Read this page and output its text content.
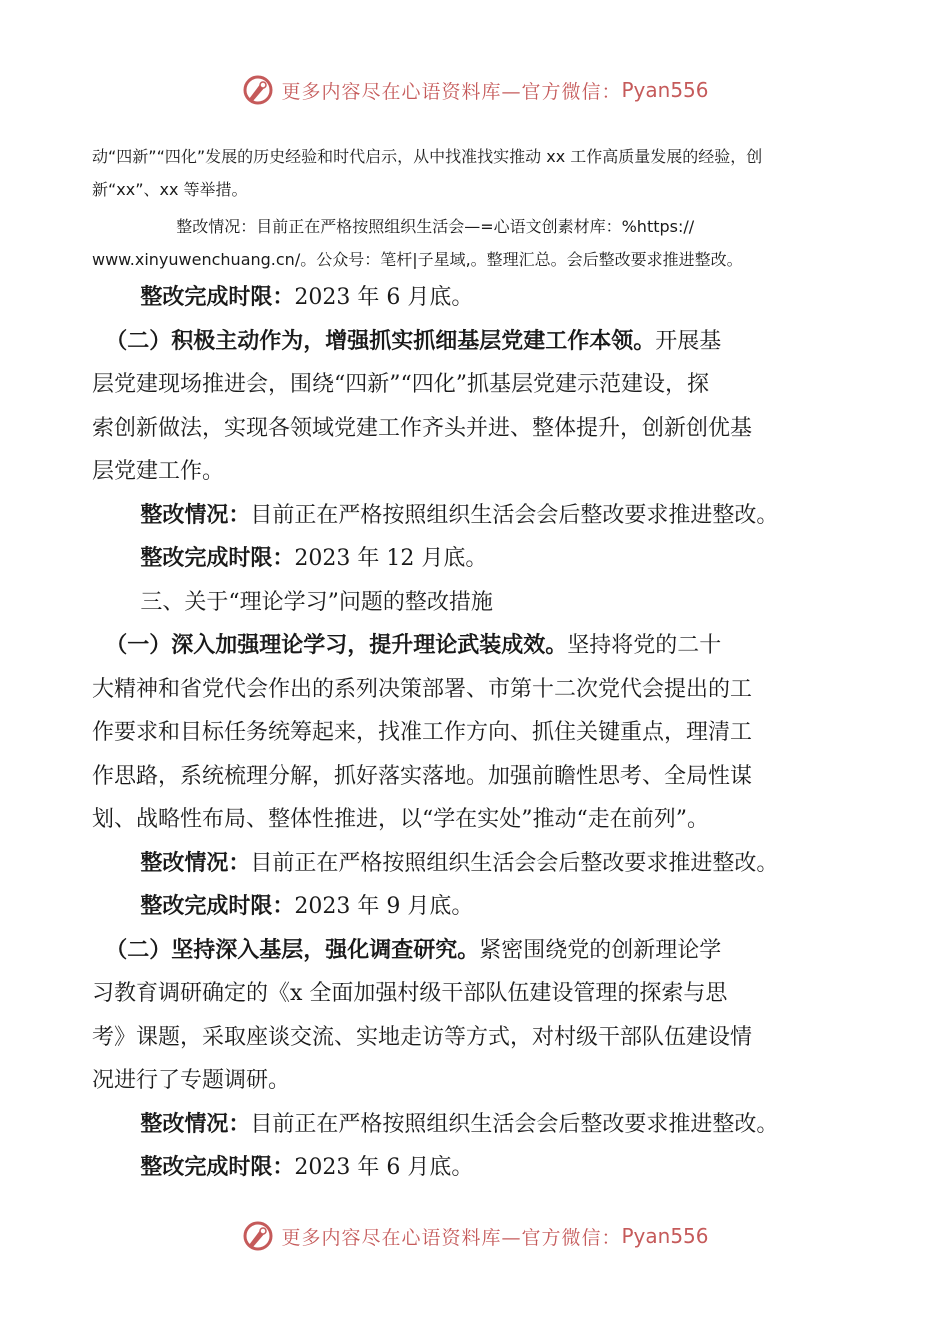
更多内容尽在心语资料库—官方微信： Pyan556

动“四新”“四化”发展的历史经验和时代启示，从中找准找实推动 xx 工作高质量发展的经验，创

新“xx”、xx 等举措。

整改情况：目前正在严格按照组织生活会—=心语文创素材库：%https://

www.xinyuwenchuang.cn/。公众号：笔杆|子星域,。整理汇总。会后整改要求推进整改。

整改完成时限：2023 年 6 月底。

（二）积极主动作为，增强抓实抓细基层党建工作本领。开展基
层党建现场推进会，围绕“四新”“四化”抓基层党建示范建设，探
索创新做法，实现各领域党建工作齐头并进、整体提升，创新创优基
层党建工作。

整改情况：目前正在严格按照组织生活会会后整改要求推进整改。

整改完成时限：2023 年 12 月底。

三、关于“理论学习”问题的整改措施

（一）深入加强理论学习，提升理论武装成效。坚持将党的二十
大精神和省党代会作出的系列决策部署、市第十二次党代会提出的工
作要求和目标任务统筹起来，找准工作方向、抓住关键重点，理清工
作思路，系统梳理分解，抓好落实落地。加强前瞻性思考、全局性谋
划、战略性布局、整体性推进，以“学在实处”推动“走在前列”。

整改情况：目前正在严格按照组织生活会会后整改要求推进整改。

整改完成时限：2023 年 9 月底。

（二）坚持深入基层，强化调查研究。紧密围绕党的创新理论学
习教育调研确定的《x 全面加强村级干部队伍建设管理的探索与思
考》课题，采取座谈交流、实地走访等方式，对村级干部队伍建设情
况进行了专题调研。

整改情况：目前正在严格按照组织生活会会后整改要求推进整改。

整改完成时限：2023 年 6 月底。

更多内容尽在心语资料库—官方微信： Pyan556
